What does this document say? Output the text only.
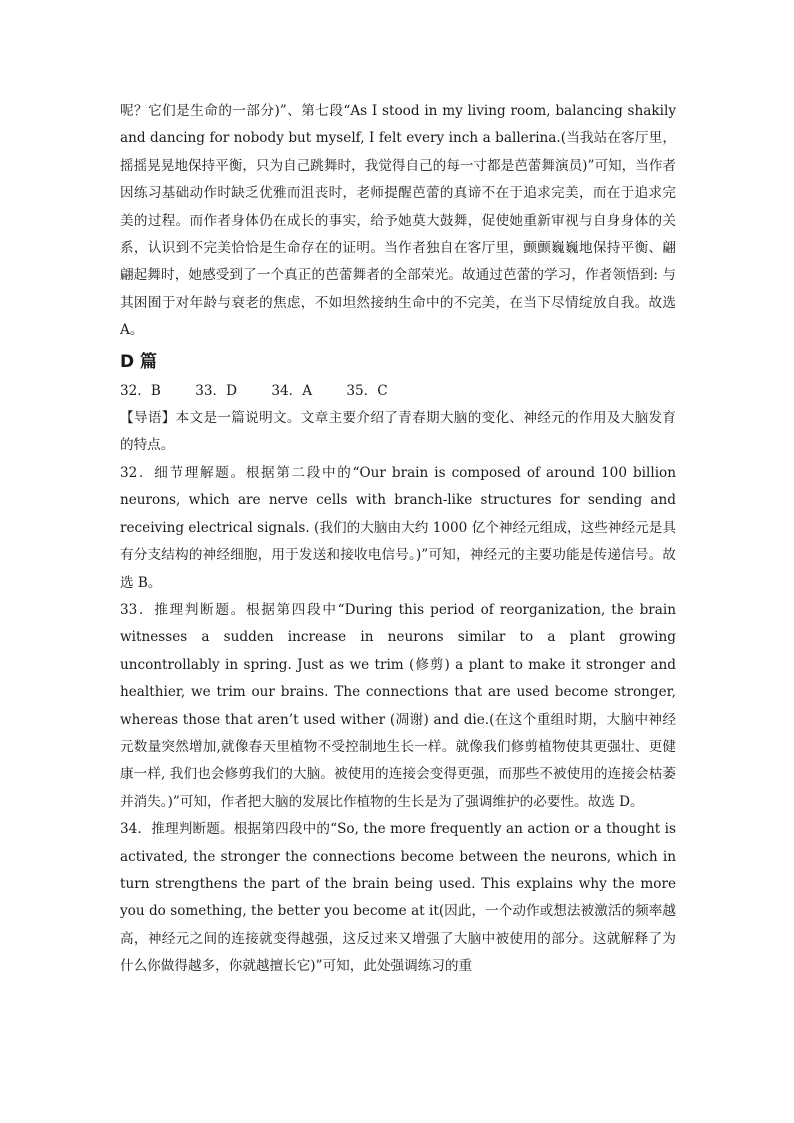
呢？它们是生命的一部分)”、第七段“As I stood in my living room, balancing shakily and dancing for nobody but myself, I felt every inch a ballerina.(当我站在客厅里，摇摇晃晃地保持平衡，只为自己跳舞时，我觉得自己的每一寸都是芭蕾舞演员)”可知，当作者因练习基础动作时缺乏优雅而沮丧时，老师提醒芭蕾的真谛不在于追求完美，而在于追求完美的过程。而作者身体仍在成长的事实，给予她莫大鼓舞，促使她重新审视与自身身体的关系，认识到不完美恰恰是生命存在的证明。当作者独自在客厅里，颤颤巍巍地保持平衡、翩翩起舞时，她感受到了一个真正的芭蕾舞者的全部荣光。故通过芭蕾的学习，作者领悟到: 与其困囿于对年龄与衰老的焦虑，不如坦然接纳生命中的不完美，在当下尽情绽放自我。故选 A。

D 篇

32．B	33．D	34．A	35．C

【导语】本文是一篇说明文。文章主要介绍了青春期大脑的变化、神经元的作用及大脑发育的特点。

32．细节理解题。根据第二段中的“Our brain is composed of around 100 billion neurons, which are nerve cells with branch-like structures for sending and receiving electrical signals. (我们的大脑由大约 1000 亿个神经元组成，这些神经元是具有分支结构的神经细胞，用于发送和接收电信号。)”可知，神经元的主要功能是传递信号。故选 B。

33．推理判断题。根据第四段中“During this period of reorganization, the brain witnesses a sudden increase in neurons similar to a plant growing uncontrollably in spring. Just as we trim (修剪) a plant to make it stronger and healthier, we trim our brains. The connections that are used become stronger, whereas those that aren’t used wither (凋谢) and die.(在这个重组时期，大脑中神经元数量突然增加,就像春天里植物不受控制地生长一样。就像我们修剪植物使其更强壮、更健康一样, 我们也会修剪我们的大脑。被使用的连接会变得更强，而那些不被使用的连接会枯萎并消失。)”可知，作者把大脑的发展比作植物的生长是为了强调维护的必要性。故选 D。

34．推理判断题。根据第四段中的“So, the more frequently an action or a thought is activated, the stronger the connections become between the neurons, which in turn strengthens the part of the brain being used. This explains why the more you do something, the better you become at it(因此，一个动作或想法被激活的频率越高，神经元之间的连接就变得越强，这反过来又增强了大脑中被使用的部分。这就解释了为什么你做得越多，你就越擅长它)”可知，此处强调练习的重
